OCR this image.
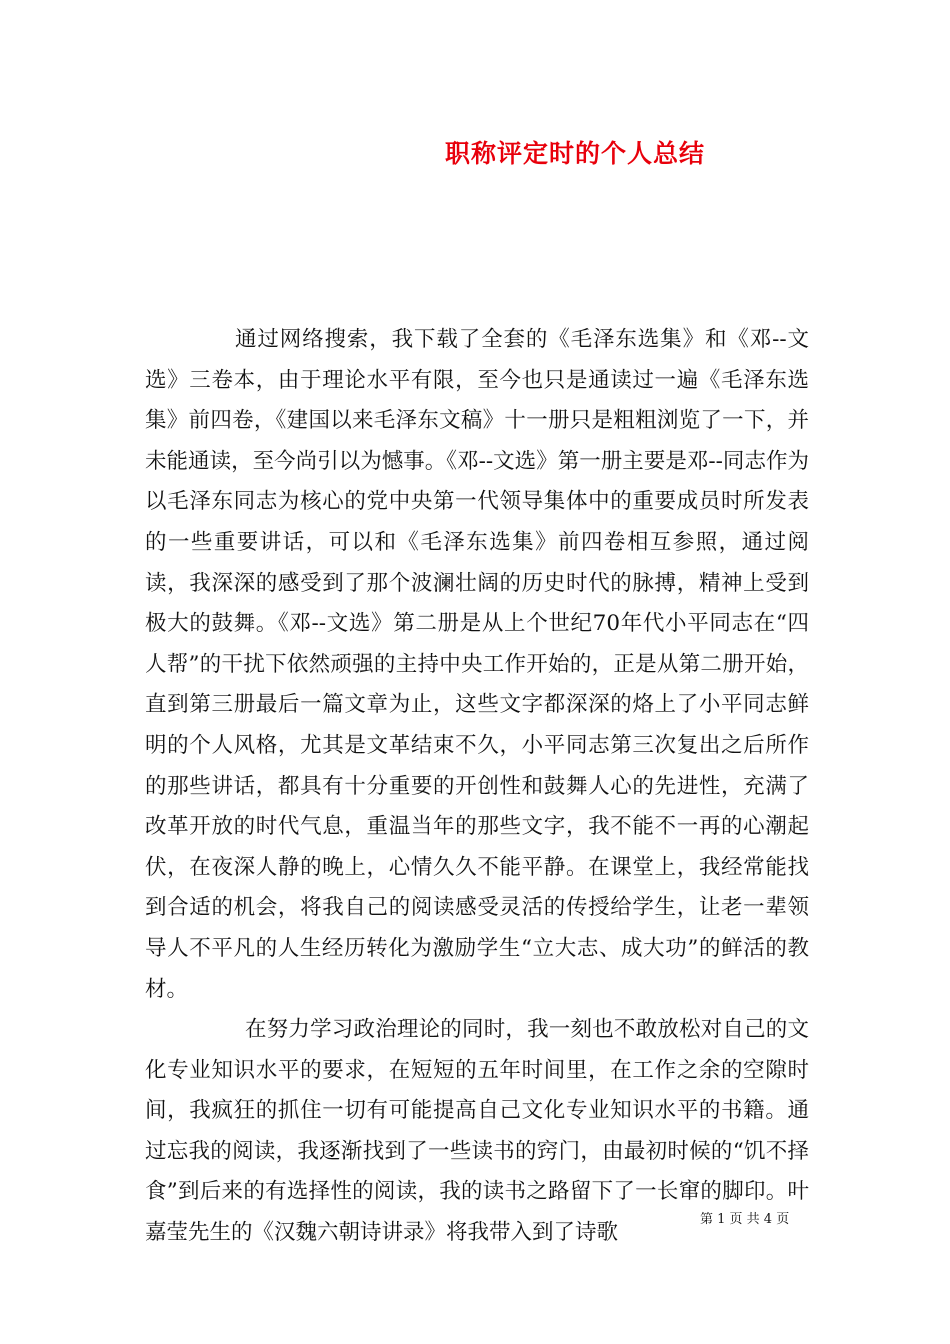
职称评定时的个人总结

通过网络搜索，我下载了全套的《毛泽东选集》和《邓--文选》三卷本，由于理论水平有限，至今也只是通读过一遍《毛泽东选集》前四卷，《建国以来毛泽东文稿》十一册只是粗粗浏览了一下，并未能通读，至今尚引以为憾事。《邓--文选》第一册主要是邓--同志作为以毛泽东同志为核心的党中央第一代领导集体中的重要成员时所发表的一些重要讲话，可以和《毛泽东选集》前四卷相互参照，通过阅读，我深深的感受到了那个波澜壮阔的历史时代的脉搏，精神上受到极大的鼓舞。《邓--文选》第二册是从上个世纪70年代小平同志在“四人帮”的干扰下依然顽强的主持中央工作开始的，正是从第二册开始，直到第三册最后一篇文章为止，这些文字都深深的烙上了小平同志鲜明的个人风格，尤其是文革结束不久，小平同志第三次复出之后所作的那些讲话，都具有十分重要的开创性和鼓舞人心的先进性，充满了改革开放的时代气息，重温当年的那些文字，我不能不一再的心潮起伏，在夜深人静的晚上，心情久久不能平静。在课堂上，我经常能找到合适的机会，将我自己的阅读感受灵活的传授给学生，让老一辈领导人不平凡的人生经历转化为激励学生“立大志、成大功”的鲜活的教材。

在努力学习政治理论的同时，我一刻也不敢放松对自己的文化专业知识水平的要求，在短短的五年时间里，在工作之余的空隙时间，我疯狂的抓住一切有可能提高自己文化专业知识水平的书籍。通过忘我的阅读，我逐渐找到了一些读书的窍门，由最初时候的“饥不择食”到后来的有选择性的阅读，我的读书之路留下了一长窜的脚印。叶嘉莹先生的《汉魏六朝诗讲录》将我带入到了诗歌

第 1 页 共 4 页
